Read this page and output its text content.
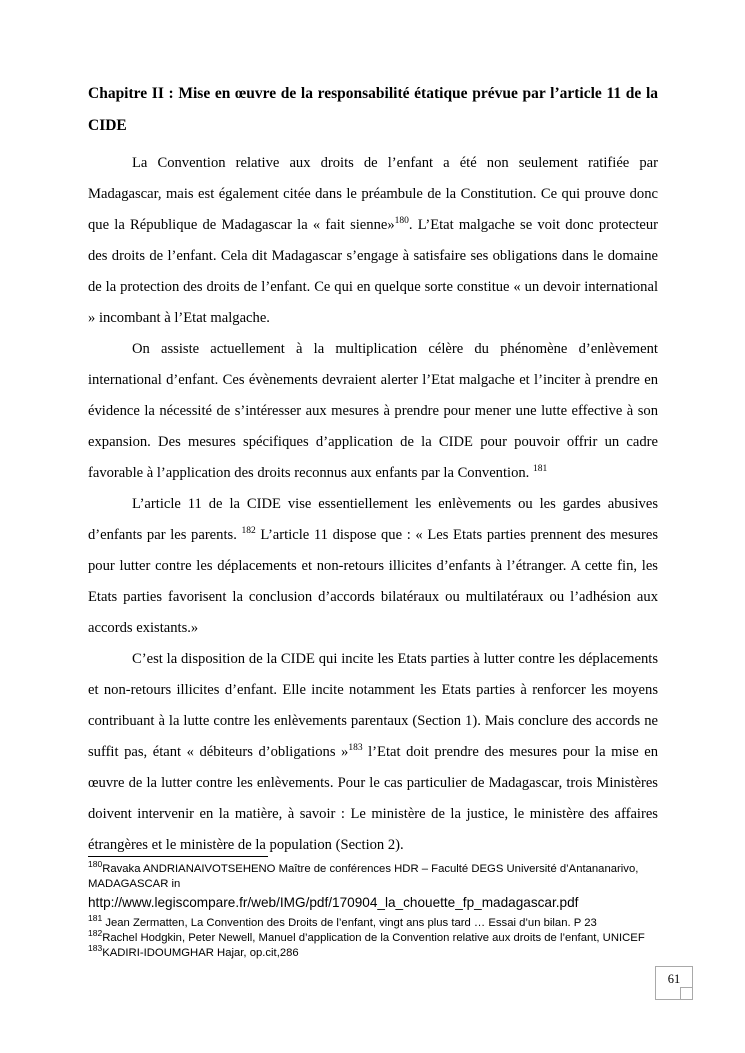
Chapitre II : Mise en œuvre de la responsabilité étatique prévue par l’article 11 de la CIDE

La Convention relative aux droits de l’enfant a été non seulement ratifiée par Madagascar, mais est également citée dans le préambule de la Constitution. Ce qui prouve donc que la République de Madagascar la « fait sienne»$^{180}$. L’Etat malgache se voit donc protecteur des droits de l’enfant. Cela dit Madagascar s’engage à satisfaire ses obligations dans le domaine de la protection des droits de l’enfant. Ce qui en quelque sorte constitue « un devoir international » incombant à l’Etat malgache.

On assiste actuellement à la multiplication célère du phénomène d’enlèvement international d’enfant. Ces évènements devraient alerter l’Etat malgache et l’inciter à prendre en évidence la nécessité de s’intéresser aux mesures à prendre pour mener une lutte effective à son expansion. Des mesures spécifiques d’application de la CIDE pour pouvoir offrir un cadre favorable à l’application des droits reconnus aux enfants par la Convention. $^{181}$

L’article 11 de la CIDE vise essentiellement les enlèvements ou les gardes abusives d’enfants par les parents. $^{182}$ L’article 11 dispose que : « Les Etats parties prennent des mesures pour lutter contre les déplacements et non-retours illicites d’enfants à l’étranger. A cette fin, les Etats parties favorisent la conclusion d’accords bilatéraux ou multilatéraux ou l’adhésion aux accords existants.»

C’est la disposition de la CIDE qui incite les Etats parties à lutter contre les déplacements et non-retours illicites d’enfant. Elle incite notamment les Etats parties à renforcer les moyens contribuant à la lutte contre les enlèvements parentaux (Section 1). Mais conclure des accords ne suffit pas, étant « débiteurs d’obligations »$^{183}$ l’Etat doit prendre des mesures pour la mise en œuvre de la lutter contre les enlèvements. Pour le cas particulier de Madagascar, trois Ministères doivent intervenir en la matière, à savoir : Le ministère de la justice, le ministère des affaires étrangères et le ministère de la population (Section 2).

$^{180}$Ravaka ANDRIANAIVOTSEHENO Maître de conférences HDR – Faculté DEGS Université d’Antananarivo, MADAGASCAR in
http://www.legiscompare.fr/web/IMG/pdf/170904_la_chouette_fp_madagascar.pdf
$^{181}$ Jean Zermatten, La Convention des Droits de l’enfant, vingt ans plus tard … Essai d’un bilan. P 23
$^{182}$Rachel Hodgkin, Peter Newell, Manuel d’application de la Convention relative aux droits de l’enfant, UNICEF
$^{183}$KADIRI-IDOUMGHAR Hajar, op.cit,286
61
